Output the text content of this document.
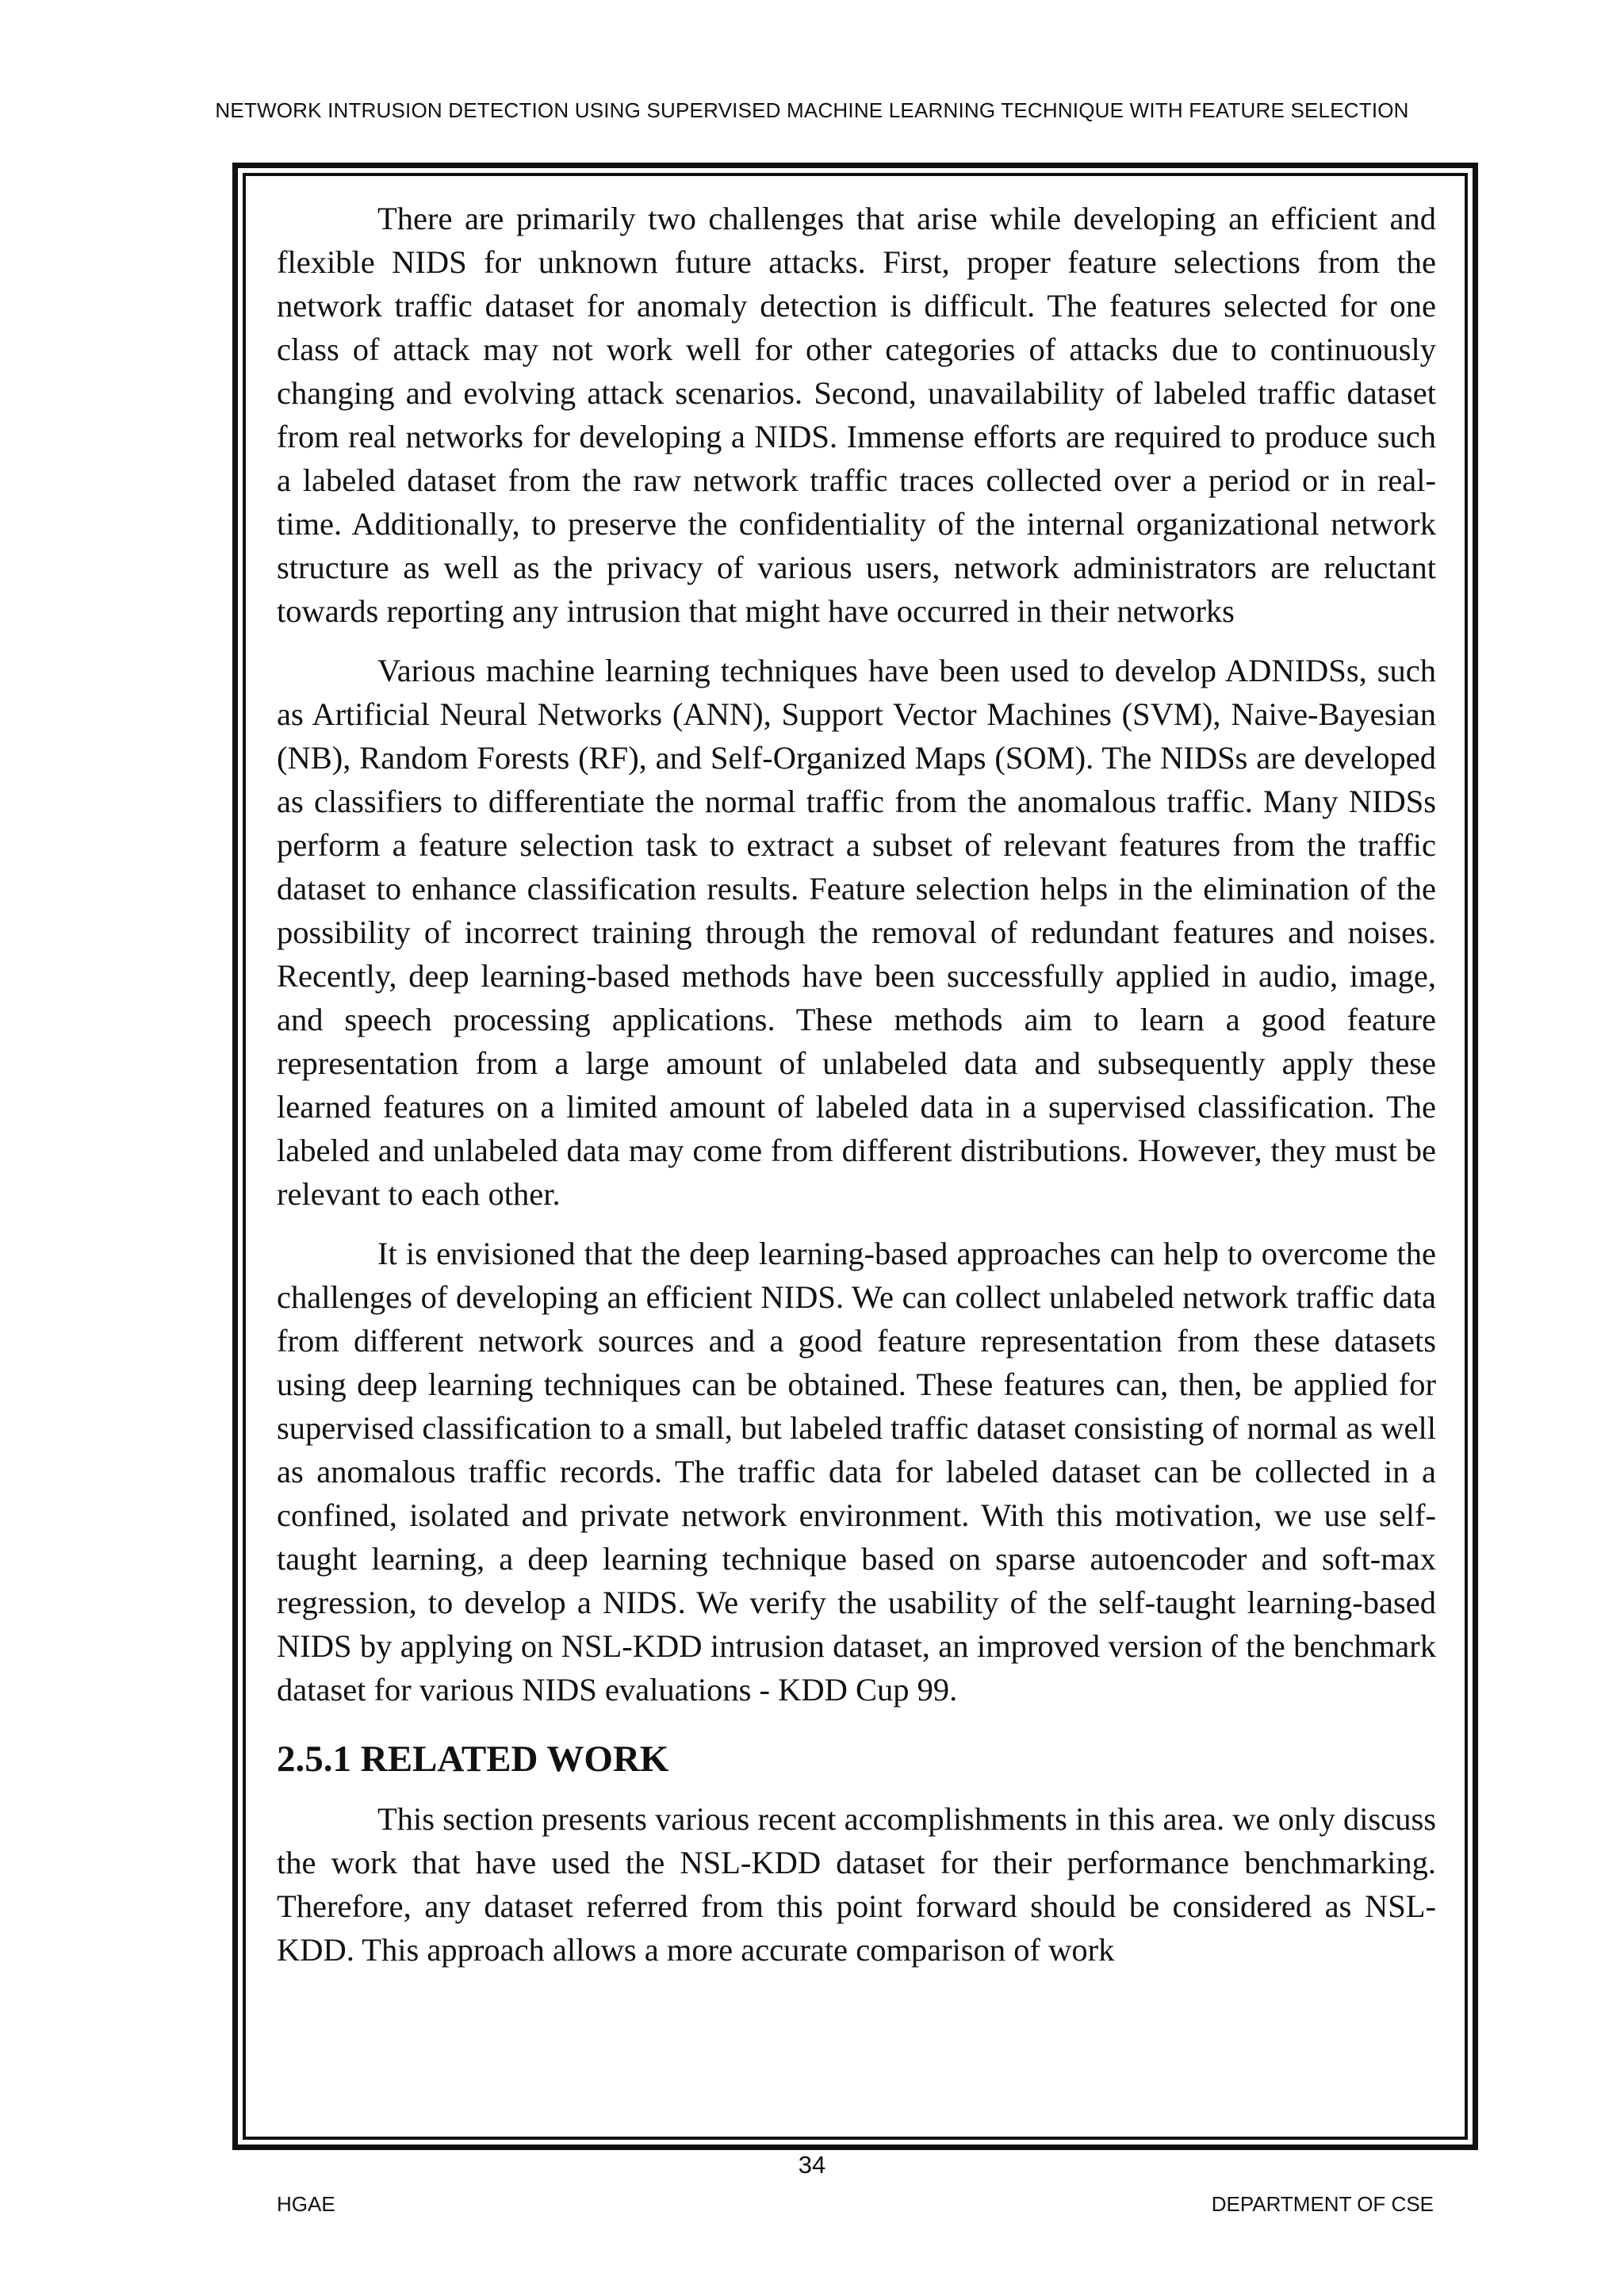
NETWORK INTRUSION DETECTION USING SUPERVISED MACHINE LEARNING TECHNIQUE WITH FEATURE SELECTION

There are primarily two challenges that arise while developing an efficient and flexible NIDS for unknown future attacks. First, proper feature selections from the network traffic dataset for anomaly detection is difficult. The features selected for one class of attack may not work well for other categories of attacks due to continuously changing and evolving attack scenarios. Second, unavailability of labeled traffic dataset from real networks for developing a NIDS. Immense efforts are required to produce such a labeled dataset from the raw network traffic traces collected over a period or in real-time. Additionally, to preserve the confidentiality of the internal organizational network structure as well as the privacy of various users, network administrators are reluctant towards reporting any intrusion that might have occurred in their networks

Various machine learning techniques have been used to develop ADNIDSs, such as Artificial Neural Networks (ANN), Support Vector Machines (SVM), Naive-Bayesian (NB), Random Forests (RF), and Self-Organized Maps (SOM). The NIDSs are developed as classifiers to differentiate the normal traffic from the anomalous traffic. Many NIDSs perform a feature selection task to extract a subset of relevant features from the traffic dataset to enhance classification results. Feature selection helps in the elimination of the possibility of incorrect training through the removal of redundant features and noises. Recently, deep learning-based methods have been successfully applied in audio, image, and speech processing applications. These methods aim to learn a good feature representation from a large amount of unlabeled data and subsequently apply these learned features on a limited amount of labeled data in a supervised classification. The labeled and unlabeled data may come from different distributions. However, they must be relevant to each other.

It is envisioned that the deep learning-based approaches can help to overcome the challenges of developing an efficient NIDS. We can collect unlabeled network traffic data from different network sources and a good feature representation from these datasets using deep learning techniques can be obtained. These features can, then, be applied for supervised classification to a small, but labeled traffic dataset consisting of normal as well as anomalous traffic records. The traffic data for labeled dataset can be collected in a confined, isolated and private network environment. With this motivation, we use self-taught learning, a deep learning technique based on sparse autoencoder and soft-max regression, to develop a NIDS. We verify the usability of the self-taught learning-based NIDS by applying on NSL-KDD intrusion dataset, an improved version of the benchmark dataset for various NIDS evaluations - KDD Cup 99.

2.5.1 RELATED WORK

This section presents various recent accomplishments in this area. we only discuss the work that have used the NSL-KDD dataset for their performance benchmarking. Therefore, any dataset referred from this point forward should be considered as NSL-KDD. This approach allows a more accurate comparison of work

34
HGAE	DEPARTMENT OF CSE
